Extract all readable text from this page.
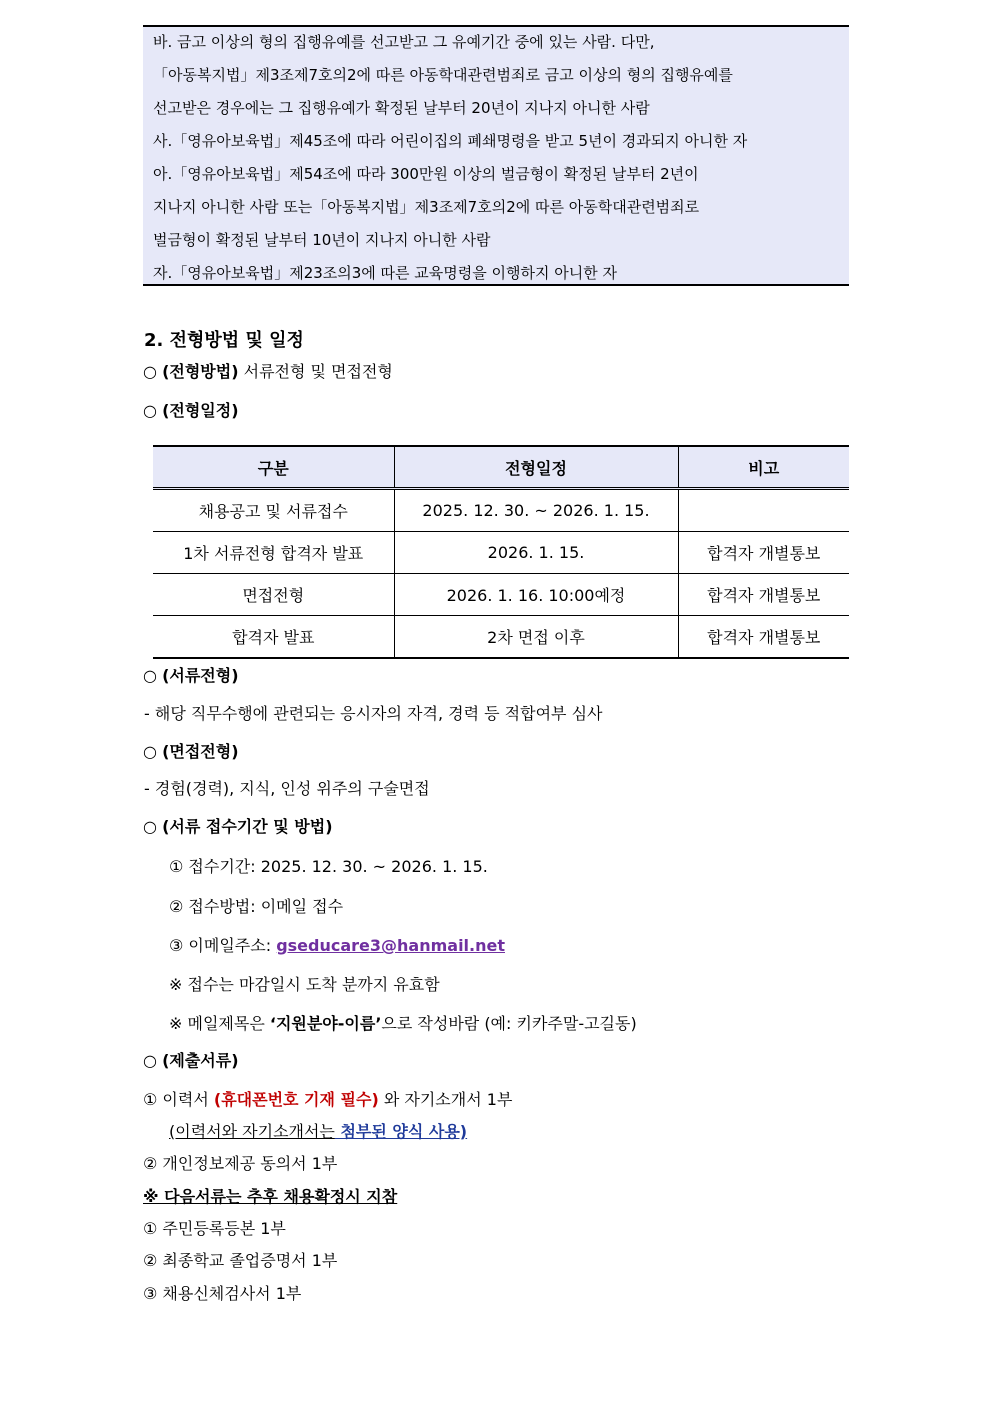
바. 금고 이상의 형의 집행유예를 선고받고 그 유예기간 중에 있는 사람. 다만,
「아동복지법」제3조제7호의2에 따른 아동학대관련범죄로 금고 이상의 형의 집행유예를
선고받은 경우에는 그 집행유예가 확정된 날부터 20년이 지나지 아니한 사람
사.「영유아보육법」제45조에 따라 어린이집의 폐쇄명령을 받고 5년이 경과되지 아니한 자
아.「영유아보육법」제54조에 따라 300만원 이상의 벌금형이 확정된 날부터 2년이
지나지 아니한 사람 또는「아동복지법」제3조제7호의2에 따른 아동학대관련범죄로
벌금형이 확정된 날부터 10년이 지나지 아니한 사람
자.「영유아보육법」제23조의3에 따른 교육명령을 이행하지 아니한 자
2. 전형방법 및 일정
○ (전형방법) 서류전형 및 면접전형
○ (전형일정)
구분	전형일정	비고
채용공고 및 서류접수	2025. 12. 30. ~ 2026. 1. 15.	
1차 서류전형 합격자 발표	2026. 1. 15.	합격자 개별통보
면접전형	2026. 1. 16. 10:00예정	합격자 개별통보
합격자 발표	2차 면접 이후	합격자 개별통보
○ (서류전형)
- 해당 직무수행에 관련되는 응시자의 자격, 경력 등 적합여부 심사
○ (면접전형)
- 경험(경력), 지식, 인성 위주의 구술면접
○ (서류 접수기간 및 방법)
① 접수기간: 2025. 12. 30. ~ 2026. 1. 15.
② 접수방법: 이메일 접수
③ 이메일주소: gseducare3@hanmail.net
※ 접수는 마감일시 도착 분까지 유효함
※ 메일제목은 ‘지원분야-이름’으로 작성바람 (예: 키카주말-고길동)
○ (제출서류)
① 이력서 (휴대폰번호 기재 필수) 와 자기소개서 1부
(이력서와 자기소개서는 첨부된 양식 사용)
② 개인정보제공 동의서 1부
※ 다음서류는 추후 채용확정시 지참
① 주민등록등본 1부
② 최종학교 졸업증명서 1부
③ 채용신체검사서 1부
